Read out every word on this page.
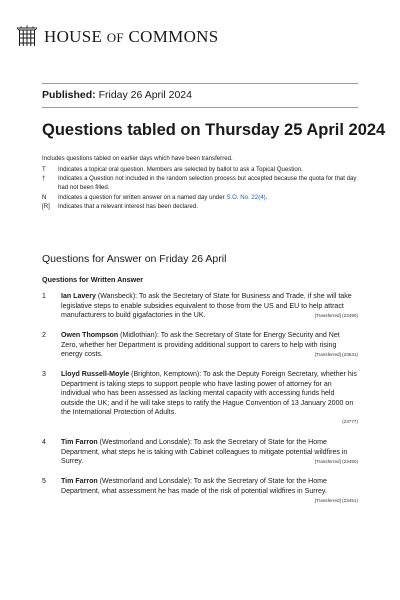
HOUSE OF COMMONS
Published: Friday 26 April 2024
Questions tabled on Thursday 25 April 2024
Includes questions tabled on earlier days which have been transferred.
T	Indicates a topical oral question. Members are selected by ballot to ask a Topical Question.
†	Indicates a Question not included in the random selection process but accepted because the quota for that day had not been filled.
N	Indicates a question for written answer on a named day under S.O. No. 22(4).
[R]	Indicates that a relevant interest has been declared.
Questions for Answer on Friday 26 April
Questions for Written Answer
1 Ian Lavery (Wansbeck): To ask the Secretary of State for Business and Trade, if she will take legislative steps to enable subsidies equivalent to those from the US and EU to help attract manufacturers to build gigafactories in the UK.	[Transferred] (23490)
2 Owen Thompson (Midlothian): To ask the Secretary of State for Energy Security and Net Zero, whether her Department is providing additional support to carers to help with rising energy costs.	[Transferred] (23531)
3 Lloyd Russell-Moyle (Brighton, Kemptown): To ask the Deputy Foreign Secretary, whether his Department is taking steps to support people who have lasting power of attorney for an individual who has been assessed as lacking mental capacity with accessing funds held outside the UK; and if he will take steps to ratify the Hague Convention of 13 January 2000 on the International Protection of Adults.
(23777)
4 Tim Farron (Westmorland and Lonsdale): To ask the Secretary of State for the Home Department, what steps he is taking with Cabinet colleagues to mitigate potential wildfires in Surrey.	[Transferred] (23450)
5 Tim Farron (Westmorland and Lonsdale): To ask the Secretary of State for the Home Department, what assessment he has made of the risk of potential wildfires in Surrey.
[Transferred] (23451)
